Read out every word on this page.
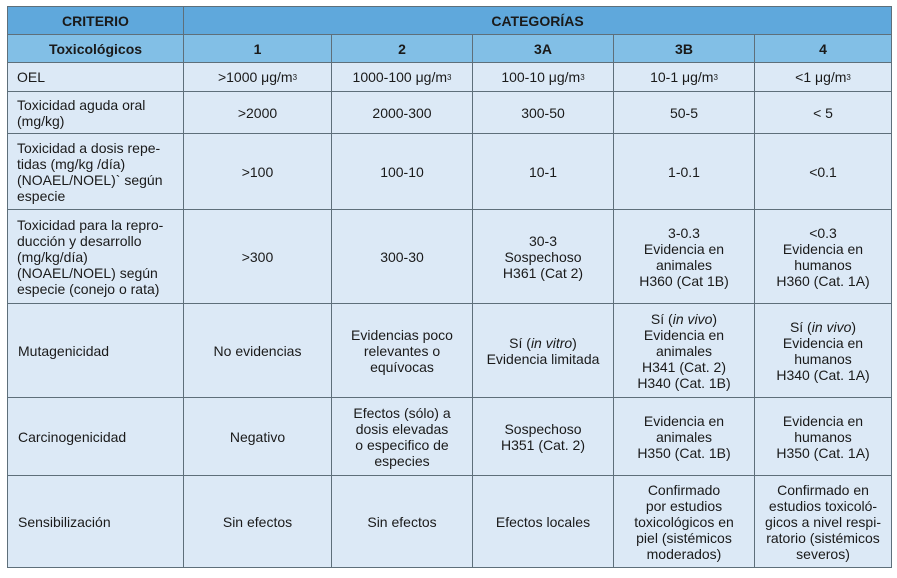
CRITERIO	CATEGORÍAS				
Toxicológicos	1	2	3A	3B	4
OEL	>1000 $\mu g/m^3$	1000-100 $\mu g/m^3$	100-10 $\mu g/m^3$	10-1 $\mu g/m^3$	<1 $\mu g/m^3$

Toxicidad aguda oral
(mg/kg)	>2000	2000-300	300-50	50-5	< 5

Toxicidad a dosis repe-
tidas (mg/kg /día)
(NOAEL/NOEL)` según
especie	>100	100-10	10-1	1-0.1	<0.1

Toxicidad para la repro-
ducción y desarrollo
(mg/kg/día)
(NOAEL/NOEL) según
especie (conejo o rata)	>300	300-30	30-3
Sospechoso
H361 (Cat 2)	3-0.3
Evidencia en
animales
H360 (Cat 1B)	<0.3
Evidencia en
humanos
H360 (Cat. 1A)

Mutagenicidad	No evidencias	Evidencias poco
relevantes o
equívocas	Sí (in vitro)
Evidencia limitada	Sí (in vivo)
Evidencia en
animales
H341 (Cat. 2)
H340 (Cat. 1B)	Sí (in vivo)
Evidencia en
humanos
H340 (Cat. 1A)

Carcinogenicidad	Negativo	Efectos (sólo) a
dosis elevadas
o especifico de
especies	Sospechoso
H351 (Cat. 2)	Evidencia en
animales
H350 (Cat. 1B)	Evidencia en
humanos
H350 (Cat. 1A)

Sensibilización	Sin efectos	Sin efectos	Efectos locales	Confirmado
por estudios
toxicológicos en
piel (sistémicos
moderados)	Confirmado en
estudios toxicoló-
gicos a nivel respi-
ratorio (sistémicos
severos)
